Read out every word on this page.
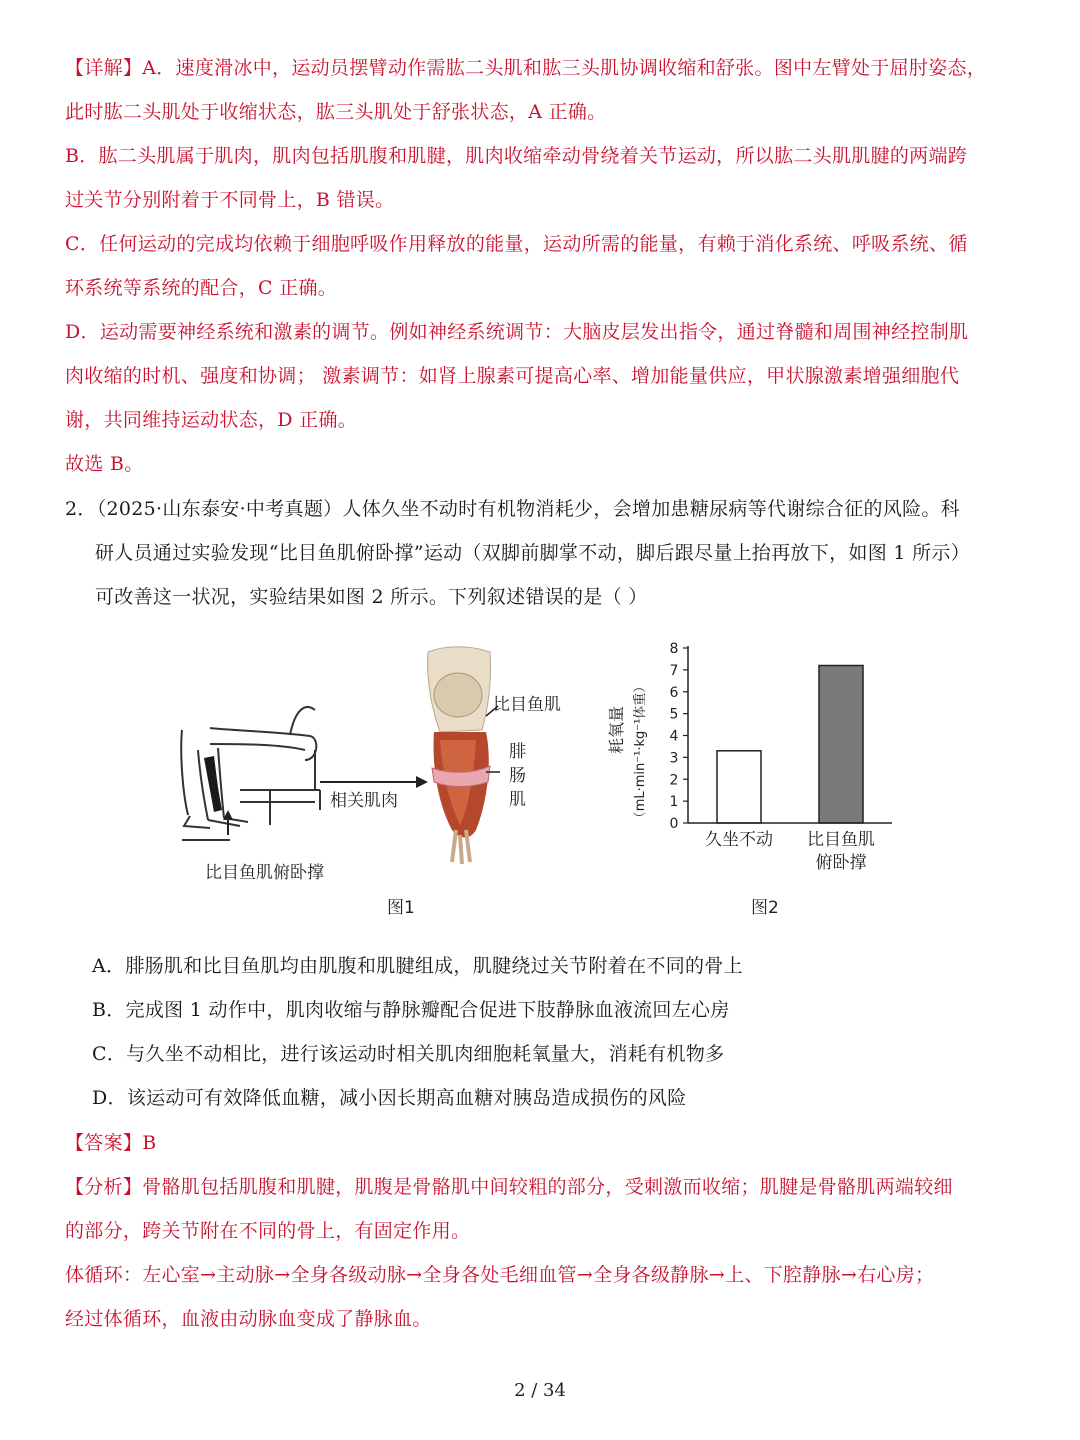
【详解】A．速度滑冰中，运动员摆臂动作需肱二头肌和肱三头肌协调收缩和舒张。图中左臂处于屈肘姿态，
此时肱二头肌处于收缩状态，肱三头肌处于舒张状态，A 正确。
B．肱二头肌属于肌肉，肌肉包括肌腹和肌腱，肌肉收缩牵动骨绕着关节运动，所以肱二头肌肌腱的两端跨
过关节分别附着于不同骨上，B 错误。
C．任何运动的完成均依赖于细胞呼吸作用释放的能量，运动所需的能量，有赖于消化系统、呼吸系统、循
环系统等系统的配合，C 正确。
D．运动需要神经系统和激素的调节。例如神经系统调节：大脑皮层发出指令，通过脊髓和周围神经控制肌
肉收缩的时机、强度和协调； 激素调节：如肾上腺素可提高心率、增加能量供应，甲状腺激素增强细胞代
谢，共同维持运动状态，D 正确。
故选 B。
2．（2025·山东泰安·中考真题）人体久坐不动时有机物消耗少，会增加患糖尿病等代谢综合征的风险。科
研人员通过实验发现“比目鱼肌俯卧撑”运动（双脚前脚掌不动，脚后跟尽量上抬再放下，如图 1 所示）
可改善这一状况，实验结果如图 2 所示。下列叙述错误的是（ ）
比目鱼肌
腓
肠
肌
相关肌肉
比目鱼肌俯卧撑
图1
耗氧量 （mL·min⁻¹·kg⁻¹体重） 0
1
2
3
4
5
6
7
8
久坐不动 比目鱼肌
俯卧撑
图2
A．腓肠肌和比目鱼肌均由肌腹和肌腱组成，肌腱绕过关节附着在不同的骨上
B．完成图 1 动作中，肌肉收缩与静脉瓣配合促进下肢静脉血液流回左心房
C．与久坐不动相比，进行该运动时相关肌肉细胞耗氧量大，消耗有机物多
D．该运动可有效降低血糖，减小因长期高血糖对胰岛造成损伤的风险
【答案】B
【分析】骨骼肌包括肌腹和肌腱，肌腹是骨骼肌中间较粗的部分，受刺激而收缩；肌腱是骨骼肌两端较细
的部分，跨关节附在不同的骨上，有固定作用。
体循环：左心室→主动脉→全身各级动脉→全身各处毛细血管→全身各级静脉→上、下腔静脉→右心房；
经过体循环，血液由动脉血变成了静脉血。
2 / 34
